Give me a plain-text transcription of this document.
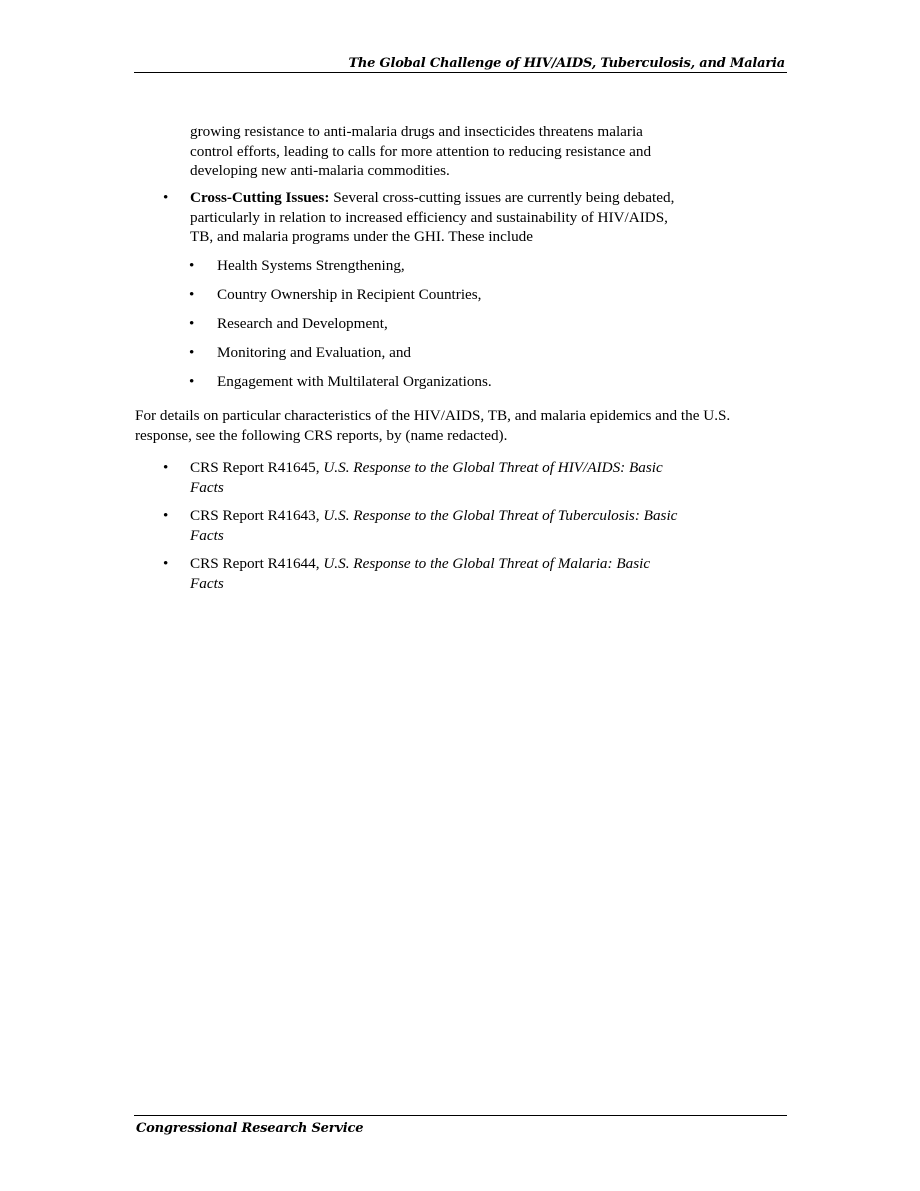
The Global Challenge of HIV/AIDS, Tuberculosis, and Malaria
growing resistance to anti-malaria drugs and insecticides threatens malaria
control efforts, leading to calls for more attention to reducing resistance and
developing new anti-malaria commodities.
• Cross-Cutting Issues: Several cross-cutting issues are currently being debated,
particularly in relation to increased efficiency and sustainability of HIV/AIDS,
TB, and malaria programs under the GHI. These include
• Health Systems Strengthening,
• Country Ownership in Recipient Countries,
• Research and Development,
• Monitoring and Evaluation, and
• Engagement with Multilateral Organizations.
For details on particular characteristics of the HIV/AIDS, TB, and malaria epidemics and the U.S.
response, see the following CRS reports, by (name redacted).
• CRS Report R41645, U.S. Response to the Global Threat of HIV/AIDS: Basic
Facts
• CRS Report R41643, U.S. Response to the Global Threat of Tuberculosis: Basic
Facts
• CRS Report R41644, U.S. Response to the Global Threat of Malaria: Basic
Facts
Congressional Research Service
